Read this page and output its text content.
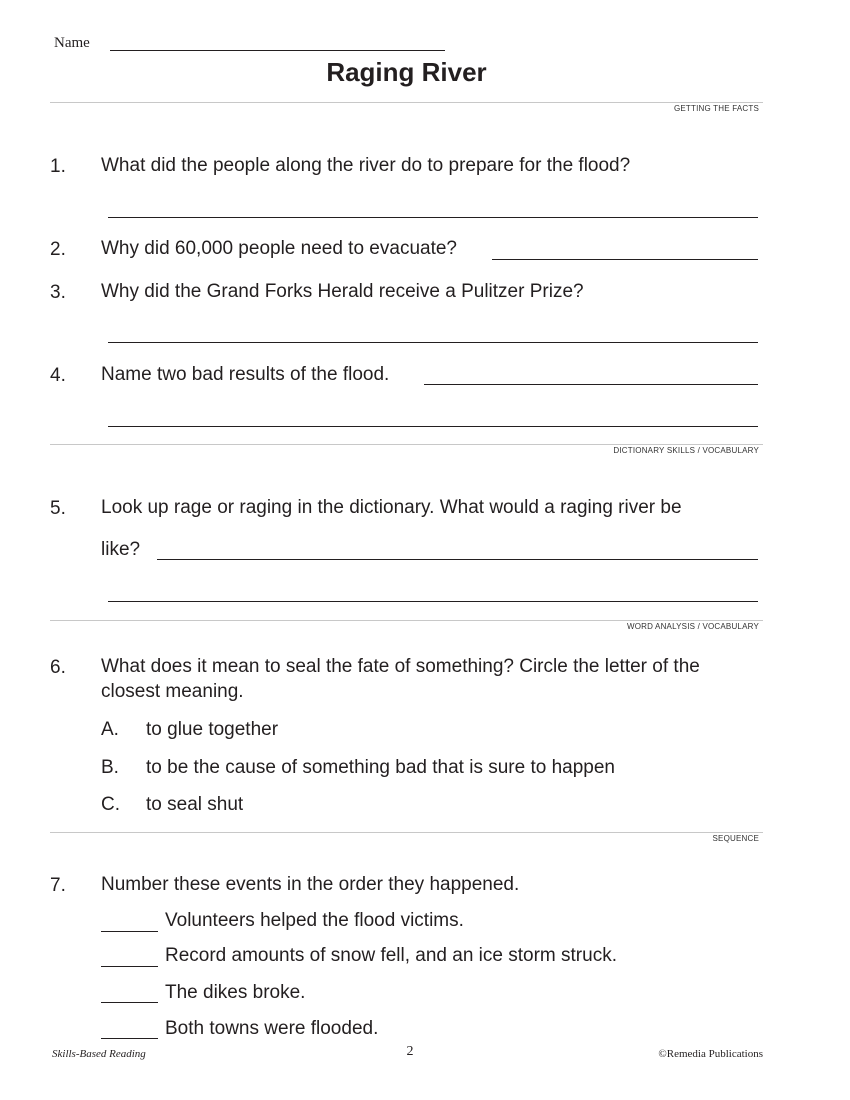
Name
Raging River
GETTING THE FACTS
1. What did the people along the river do to prepare for the flood?
2. Why did 60,000 people need to evacuate?
3. Why did the Grand Forks Herald receive a Pulitzer Prize?
4. Name two bad results of the flood.
DICTIONARY SKILLS / VOCABULARY
5. Look up rage or raging in the dictionary. What would a raging river be
like?
WORD ANALYSIS / VOCABULARY
6. What does it mean to seal the fate of something? Circle the letter of the
closest meaning.
A. to glue together
B. to be the cause of something bad that is sure to happen
C. to seal shut
SEQUENCE
7. Number these events in the order they happened.
Volunteers helped the flood victims.
Record amounts of snow fell, and an ice storm struck.
The dikes broke.
Both towns were flooded.
Skills-Based Reading	2	©Remedia Publications
